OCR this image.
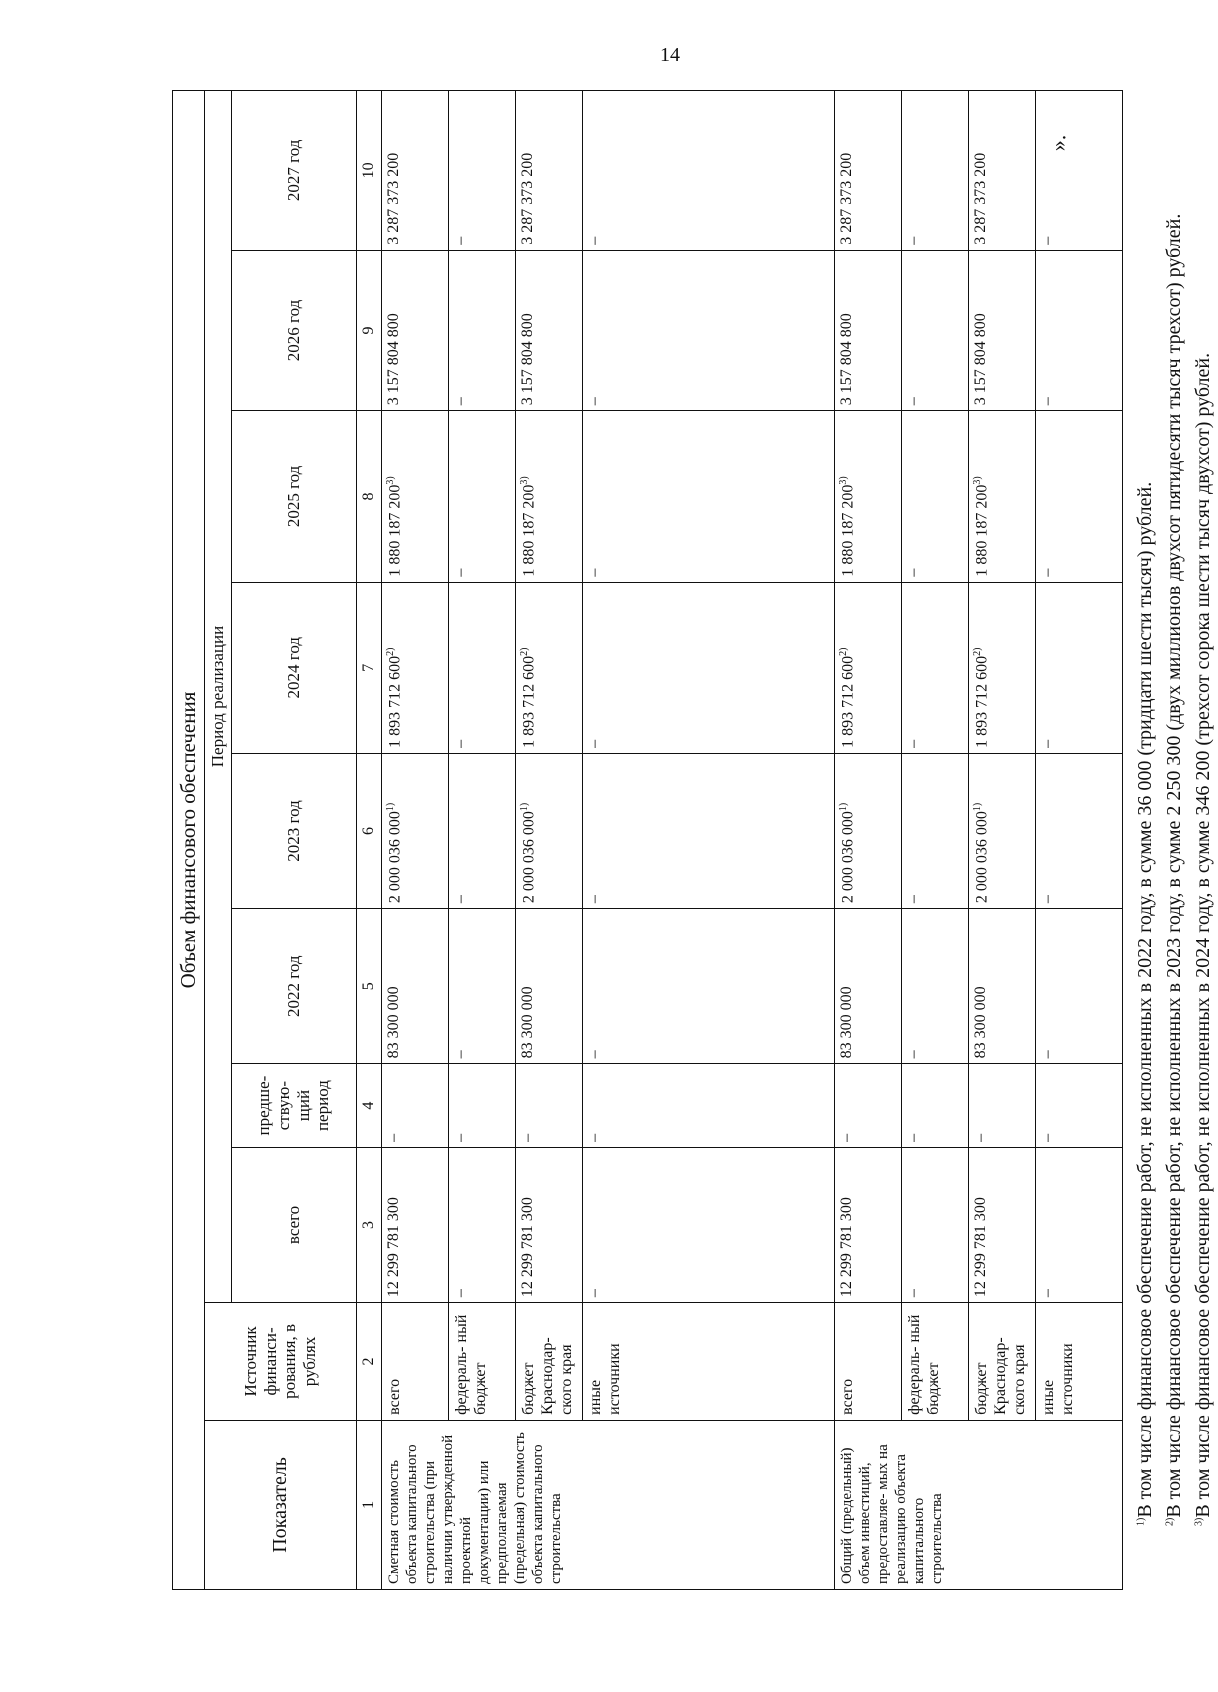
14
».
Объем финансового обеспечения									
Показатель	Источник финанси- рования, в рублях	Период реализации							
		всего	предше- ствую- щий период	2022 год	2023 год	2024 год	2025 год	2026 год	2027 год
1	2	3	4	5	6	7	8	9	10
Сметная стоимость объекта капитального строительства (при наличии утвержденной проектной документации) или предполагаемая (предельная) стоимость объекта капитального строительства	всего	12 299 781 300	–	83 300 000	2 000 036 000$^{1)}$	1 893 712 600$^{2)}$	1 880 187 200$^{3)}$	3 157 804 800	3 287 373 200
	федераль- ный бюджет	–	–	–	–	–	–	–	–
	бюджет Краснодар- ского края	12 299 781 300	–	83 300 000	2 000 036 000$^{1)}$	1 893 712 600$^{2)}$	1 880 187 200$^{3)}$	3 157 804 800	3 287 373 200
	иные источники	–	–	–	–	–	–	–	–
Общий (предельный) объем инвестиций, предоставляе- мых на реализацию объекта капитального строительства	всего	12 299 781 300	–	83 300 000	2 000 036 000$^{1)}$	1 893 712 600$^{2)}$	1 880 187 200$^{3)}$	3 157 804 800	3 287 373 200
	федераль- ный бюджет	–	–	–	–	–	–	–	–
	бюджет Краснодар- ского края	12 299 781 300	–	83 300 000	2 000 036 000$^{1)}$	1 893 712 600$^{2)}$	1 880 187 200$^{3)}$	3 157 804 800	3 287 373 200
	иные источники	–	–	–	–	–	–	–	–

$^{1)}$В том числе финансовое обеспечение работ, не исполненных в 2022 году, в сумме 36 000 (тридцати шести тысяч) рублей.

$^{2)}$В том числе финансовое обеспечение работ, не исполненных в 2023 году, в сумме 2 250 300 (двух миллионов двухсот пятидесяти тысяч трехсот) рублей.

$^{3)}$В том числе финансовое обеспечение работ, не исполненных в 2024 году, в сумме 346 200 (трехсот сорока шести тысяч двухсот) рублей.
